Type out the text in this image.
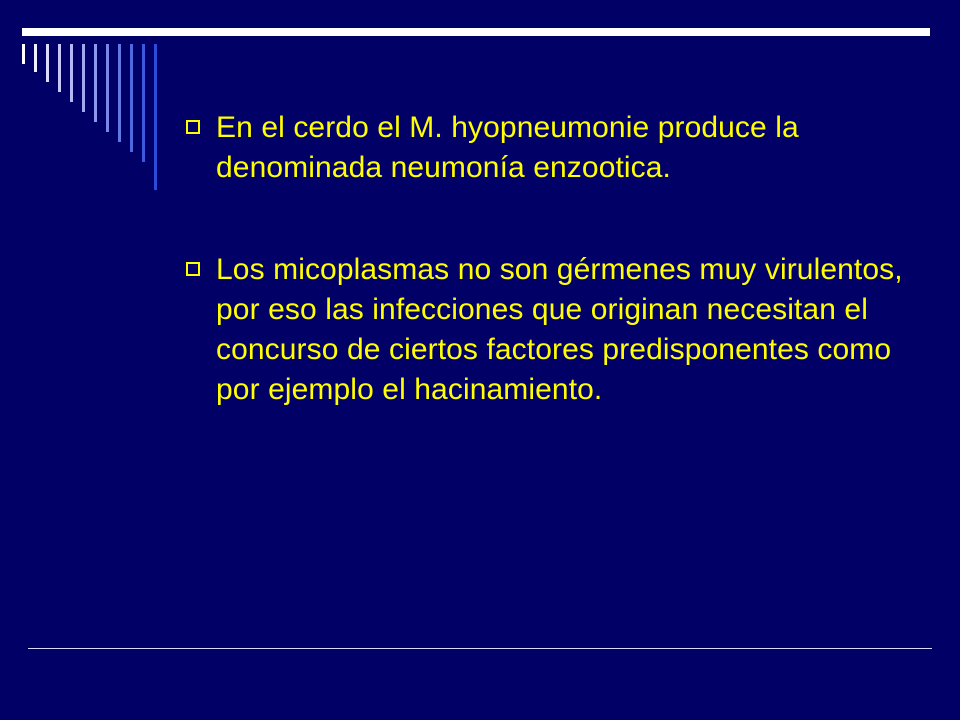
En el cerdo el M. hyopneumonie produce la denominada neumonía enzootica.

Los micoplasmas no son gérmenes muy virulentos, por eso las infecciones que originan necesitan el concurso de ciertos factores predisponentes como por ejemplo el hacinamiento.
